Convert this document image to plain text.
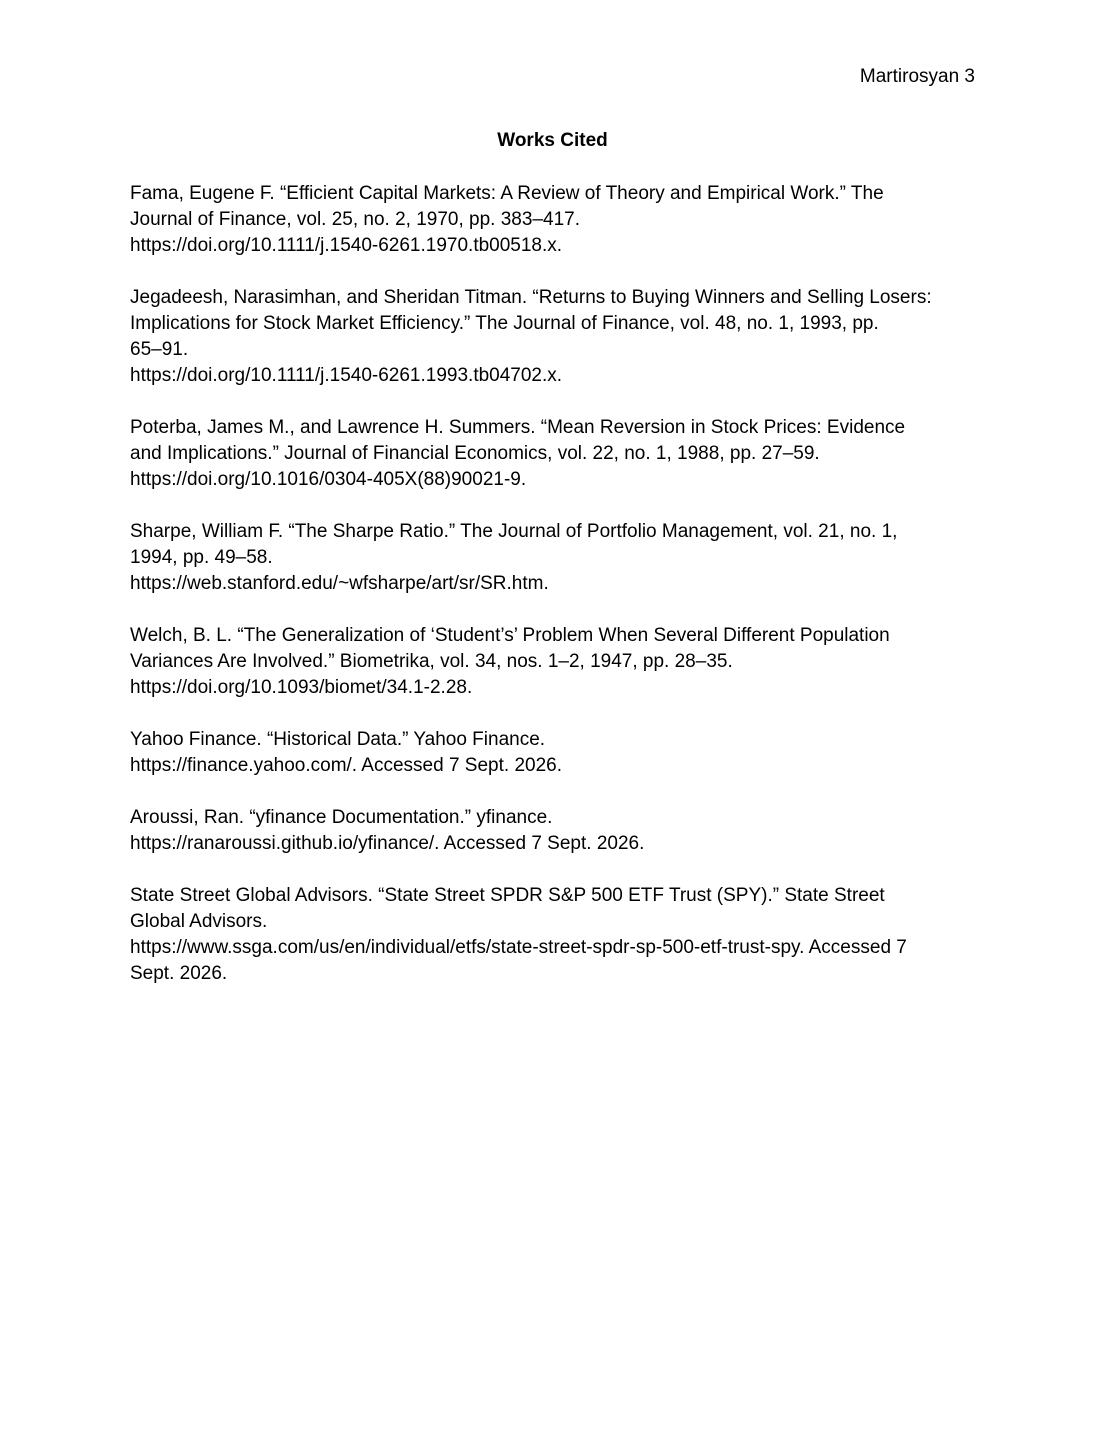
Martirosyan 3
Works Cited
Fama, Eugene F. “Efficient Capital Markets: A Review of Theory and Empirical Work.” The
Journal of Finance, vol. 25, no. 2, 1970, pp. 383–417.
https://doi.org/10.1111/j.1540-6261.1970.tb00518.x.
Jegadeesh, Narasimhan, and Sheridan Titman. “Returns to Buying Winners and Selling Losers:
Implications for Stock Market Efficiency.” The Journal of Finance, vol. 48, no. 1, 1993, pp.
65–91.
https://doi.org/10.1111/j.1540-6261.1993.tb04702.x.
Poterba, James M., and Lawrence H. Summers. “Mean Reversion in Stock Prices: Evidence
and Implications.” Journal of Financial Economics, vol. 22, no. 1, 1988, pp. 27–59.
https://doi.org/10.1016/0304-405X(88)90021-9.
Sharpe, William F. “The Sharpe Ratio.” The Journal of Portfolio Management, vol. 21, no. 1,
1994, pp. 49–58.
https://web.stanford.edu/~wfsharpe/art/sr/SR.htm.
Welch, B. L. “The Generalization of ‘Student’s’ Problem When Several Different Population
Variances Are Involved.” Biometrika, vol. 34, nos. 1–2, 1947, pp. 28–35.
https://doi.org/10.1093/biomet/34.1-2.28.
Yahoo Finance. “Historical Data.” Yahoo Finance.
https://finance.yahoo.com/. Accessed 7 Sept. 2026.
Aroussi, Ran. “yfinance Documentation.” yfinance.
https://ranaroussi.github.io/yfinance/. Accessed 7 Sept. 2026.
State Street Global Advisors. “State Street SPDR S&P 500 ETF Trust (SPY).” State Street
Global Advisors.
https://www.ssga.com/us/en/individual/etfs/state-street-spdr-sp-500-etf-trust-spy. Accessed 7
Sept. 2026.
